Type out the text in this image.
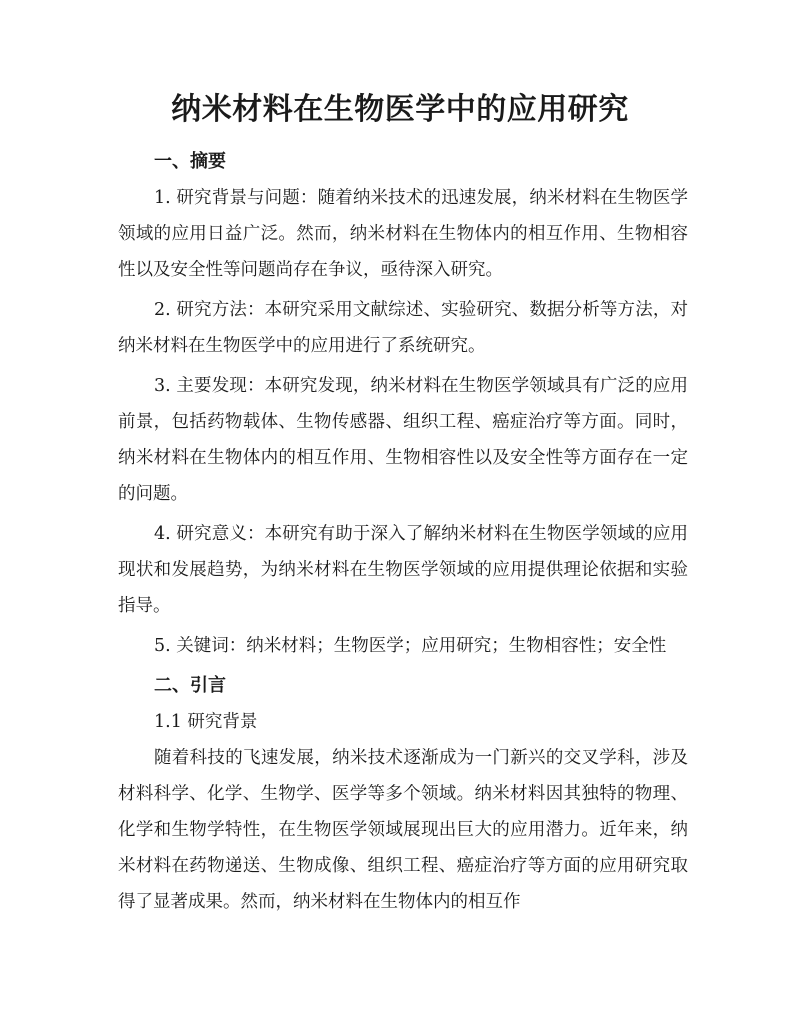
纳米材料在生物医学中的应用研究
一、摘要

1. 研究背景与问题：随着纳米技术的迅速发展，纳米材料在生物医学领域的应用日益广泛。然而，纳米材料在生物体内的相互作用、生物相容性以及安全性等问题尚存在争议，亟待深入研究。

2. 研究方法：本研究采用文献综述、实验研究、数据分析等方法，对纳米材料在生物医学中的应用进行了系统研究。

3. 主要发现：本研究发现，纳米材料在生物医学领域具有广泛的应用前景，包括药物载体、生物传感器、组织工程、癌症治疗等方面。同时，纳米材料在生物体内的相互作用、生物相容性以及安全性等方面存在一定的问题。

4. 研究意义：本研究有助于深入了解纳米材料在生物医学领域的应用现状和发展趋势，为纳米材料在生物医学领域的应用提供理论依据和实验指导。

5. 关键词：纳米材料；生物医学；应用研究；生物相容性；安全性

二、引言
1.1 研究背景

随着科技的飞速发展，纳米技术逐渐成为一门新兴的交叉学科，涉及材料科学、化学、生物学、医学等多个领域。纳米材料因其独特的物理、化学和生物学特性，在生物医学领域展现出巨大的应用潜力。近年来，纳米材料在药物递送、生物成像、组织工程、癌症治疗等方面的应用研究取得了显著成果。然而，纳米材料在生物体内的相互作
